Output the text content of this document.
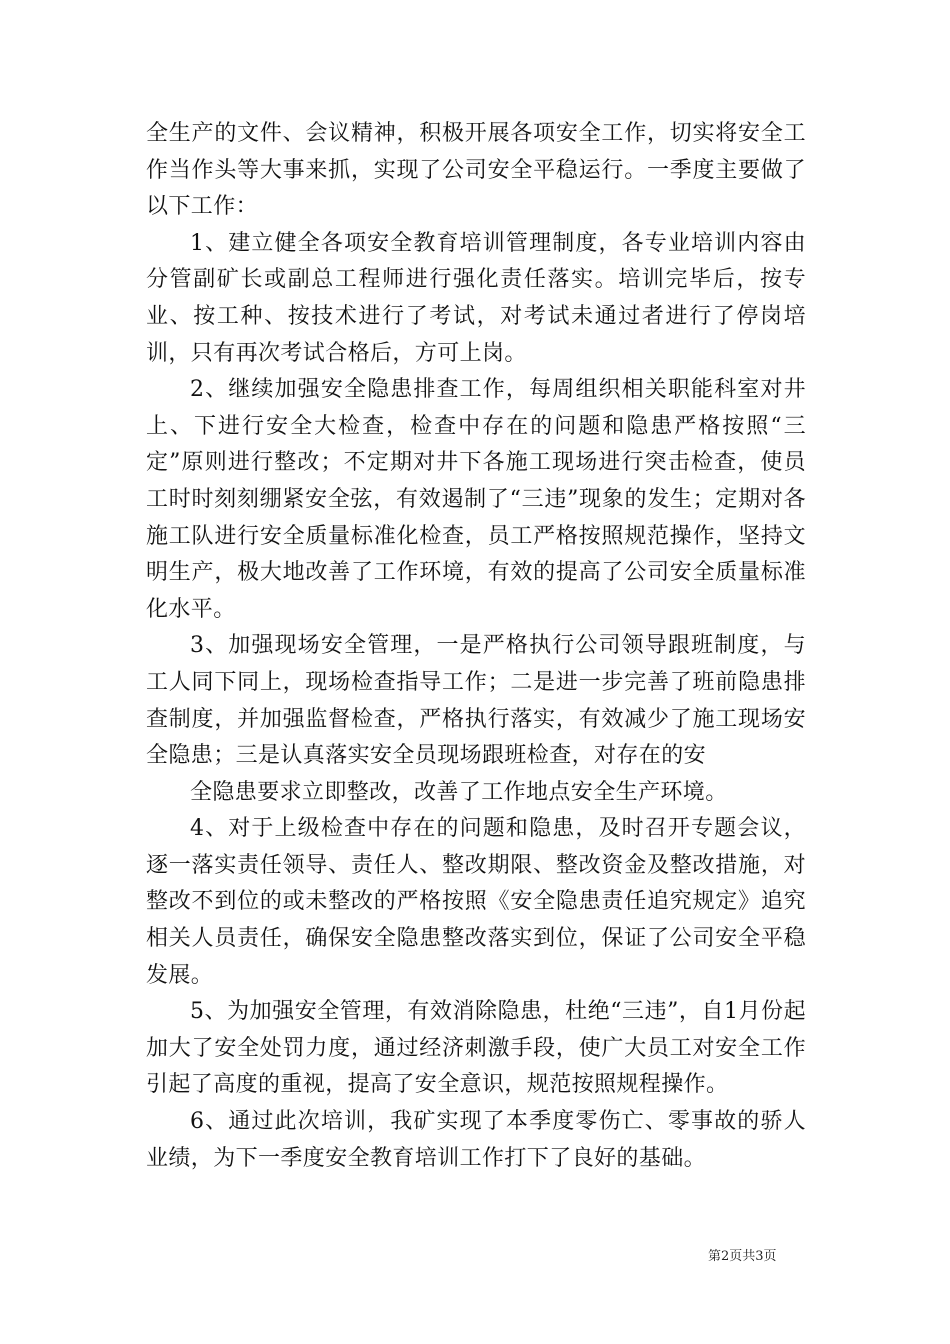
全生产的文件、会议精神，积极开展各项安全工作，切实将安全工作当作头等大事来抓，实现了公司安全平稳运行。一季度主要做了以下工作：

1、建立健全各项安全教育培训管理制度，各专业培训内容由分管副矿长或副总工程师进行强化责任落实。培训完毕后，按专业、按工种、按技术进行了考试，对考试未通过者进行了停岗培训，只有再次考试合格后，方可上岗。

2、继续加强安全隐患排查工作，每周组织相关职能科室对井上、下进行安全大检查，检查中存在的问题和隐患严格按照“三定”原则进行整改；不定期对井下各施工现场进行突击检查，使员工时时刻刻绷紧安全弦，有效遏制了“三违”现象的发生；定期对各施工队进行安全质量标准化检查，员工严格按照规范操作，坚持文明生产，极大地改善了工作环境，有效的提高了公司安全质量标准化水平。

3、加强现场安全管理，一是严格执行公司领导跟班制度，与工人同下同上，现场检查指导工作；二是进一步完善了班前隐患排查制度，并加强监督检查，严格执行落实，有效减少了施工现场安全隐患；三是认真落实安全员现场跟班检查，对存在的安

全隐患要求立即整改，改善了工作地点安全生产环境。

4、对于上级检查中存在的问题和隐患，及时召开专题会议，逐一落实责任领导、责任人、整改期限、整改资金及整改措施，对整改不到位的或未整改的严格按照《安全隐患责任追究规定》追究相关人员责任，确保安全隐患整改落实到位，保证了公司安全平稳发展。

5、为加强安全管理，有效消除隐患，杜绝“三违”，自1月份起加大了安全处罚力度，通过经济刺激手段，使广大员工对安全工作引起了高度的重视，提高了安全意识，规范按照规程操作。

6、通过此次培训，我矿实现了本季度零伤亡、零事故的骄人业绩，为下一季度安全教育培训工作打下了良好的基础。

第2页共3页
